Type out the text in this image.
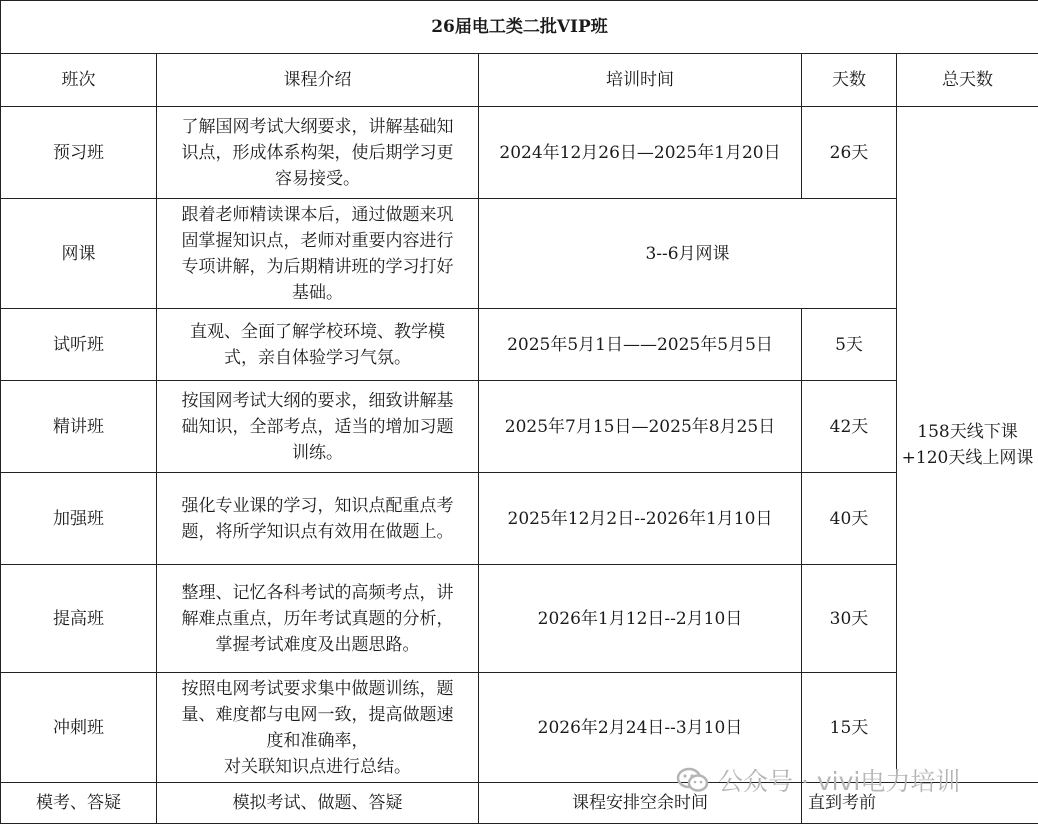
26届电工类二批VIP班				
班次	课程介绍	培训时间	天数	总天数
预习班	了解国网考试大纲要求，讲解基础知
识点，形成体系构架，使后期学习更
容易接受。	2024年12月26日—2025年1月20日	26天	158天线下课
+120天线上网课
网课	跟着老师精读课本后，通过做题来巩
固掌握知识点，老师对重要内容进行
专项讲解，为后期精讲班的学习打好
基础。	3--6月网课		
试听班	直观、全面了解学校环境、教学模
式，亲自体验学习气氛。	2025年5月1日——2025年5月5日	5天	
精讲班	按国网考试大纲的要求，细致讲解基
础知识，全部考点，适当的增加习题
训练。	2025年7月15日—2025年8月25日	42天	
加强班	强化专业课的学习，知识点配重点考
题，将所学知识点有效用在做题上。	2025年12月2日--2026年1月10日	40天	
提高班	整理、记忆各科考试的高频考点，讲
解难点重点，历年考试真题的分析，
掌握考试难度及出题思路。	2026年1月12日--2月10日	30天	
冲刺班	按照电网考试要求集中做题训练，题
量、难度都与电网一致，提高做题速
度和准确率，
对关联知识点进行总结。	2026年2月24日--3月10日	15天	
模考、答疑	模拟考试、做题、答疑	课程安排空余时间	直到考前	
公众号 · vivi电力培训
